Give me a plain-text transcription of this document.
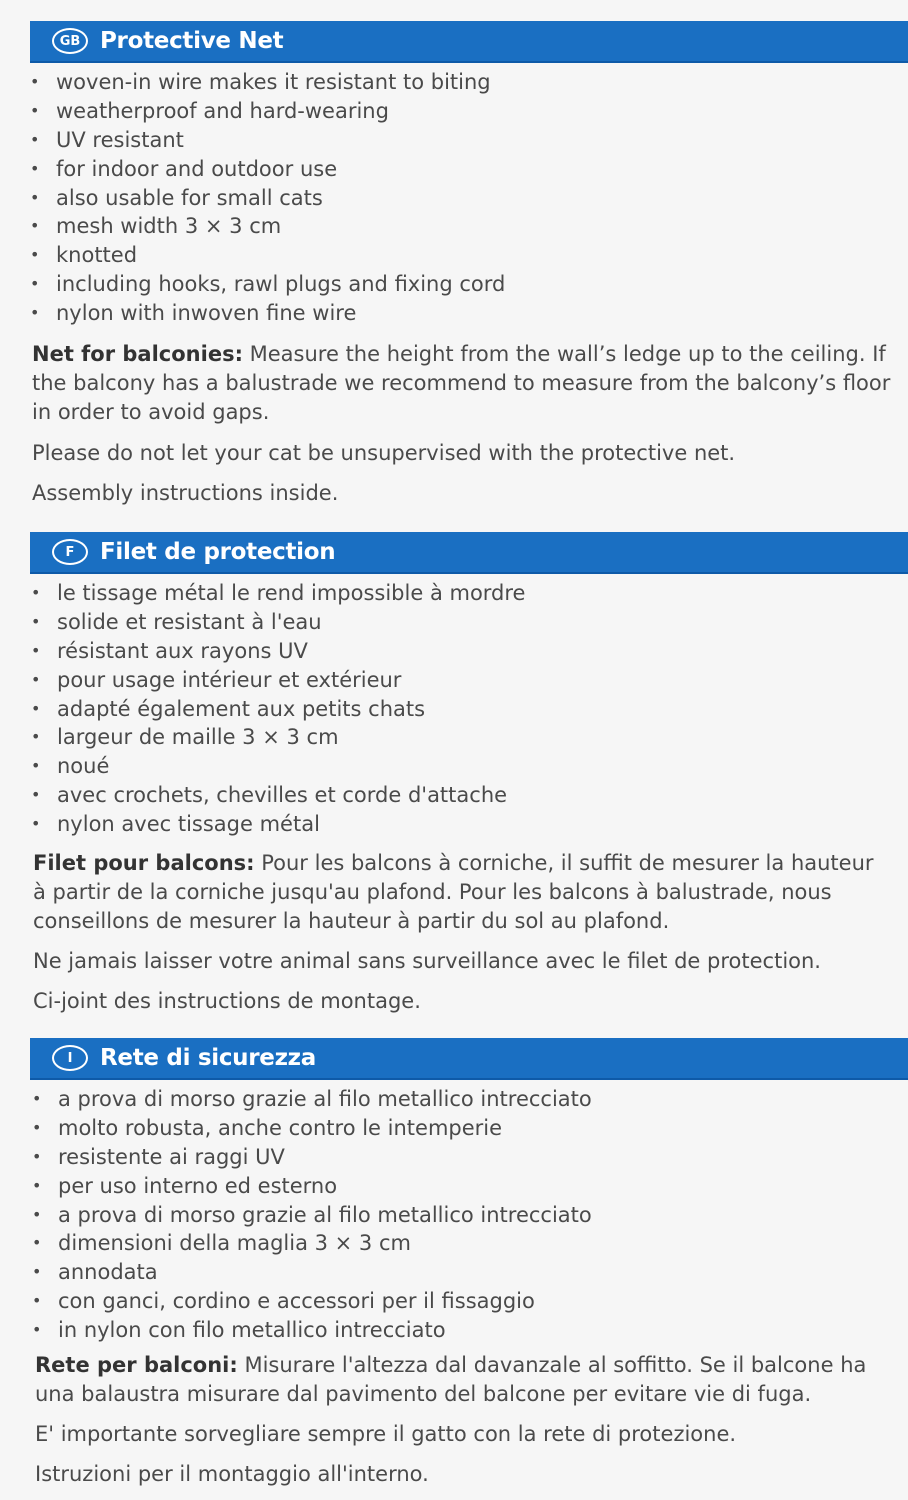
GB Protective Net
• woven-in wire makes it resistant to biting
• weatherproof and hard-wearing
• UV resistant
• for indoor and outdoor use
• also usable for small cats
• mesh width 3 × 3 cm
• knotted
• including hooks, rawl plugs and fixing cord
• nylon with inwoven fine wire
Net for balconies: Measure the height from the wall’s ledge up to the ceiling. If the balcony has a balustrade we recommend to measure from the balcony’s floor in order to avoid gaps.
Please do not let your cat be unsupervised with the protective net.
Assembly instructions inside.
F	Filet de protection
• le tissage métal le rend impossible à mordre
• solide et resistant à l'eau
• résistant aux rayons UV
• pour usage intérieur et extérieur
• adapté également aux petits chats
• largeur de maille 3 × 3 cm
• noué
• avec crochets, chevilles et corde d'attache
• nylon avec tissage métal
Filet pour balcons: Pour les balcons à corniche, il suffit de mesurer la hauteur à partir de la corniche jusqu'au plafond. Pour les balcons à balustrade, nous conseillons de mesurer la hauteur à partir du sol au plafond.
Ne jamais laisser votre animal sans surveillance avec le filet de protection.
Ci-joint des instructions de montage.
I	Rete di sicurezza
• a prova di morso grazie al filo metallico intrecciato
• molto robusta, anche contro le intemperie
• resistente ai raggi UV
• per uso interno ed esterno
• a prova di morso grazie al filo metallico intrecciato
• dimensioni della maglia 3 × 3 cm
• annodata
• con ganci, cordino e accessori per il fissaggio
• in nylon con filo metallico intrecciato
Rete per balconi: Misurare l'altezza dal davanzale al soffitto. Se il balcone ha una balaustra misurare dal pavimento del balcone per evitare vie di fuga.
E' importante sorvegliare sempre il gatto con la rete di protezione.
Istruzioni per il montaggio all'interno.
